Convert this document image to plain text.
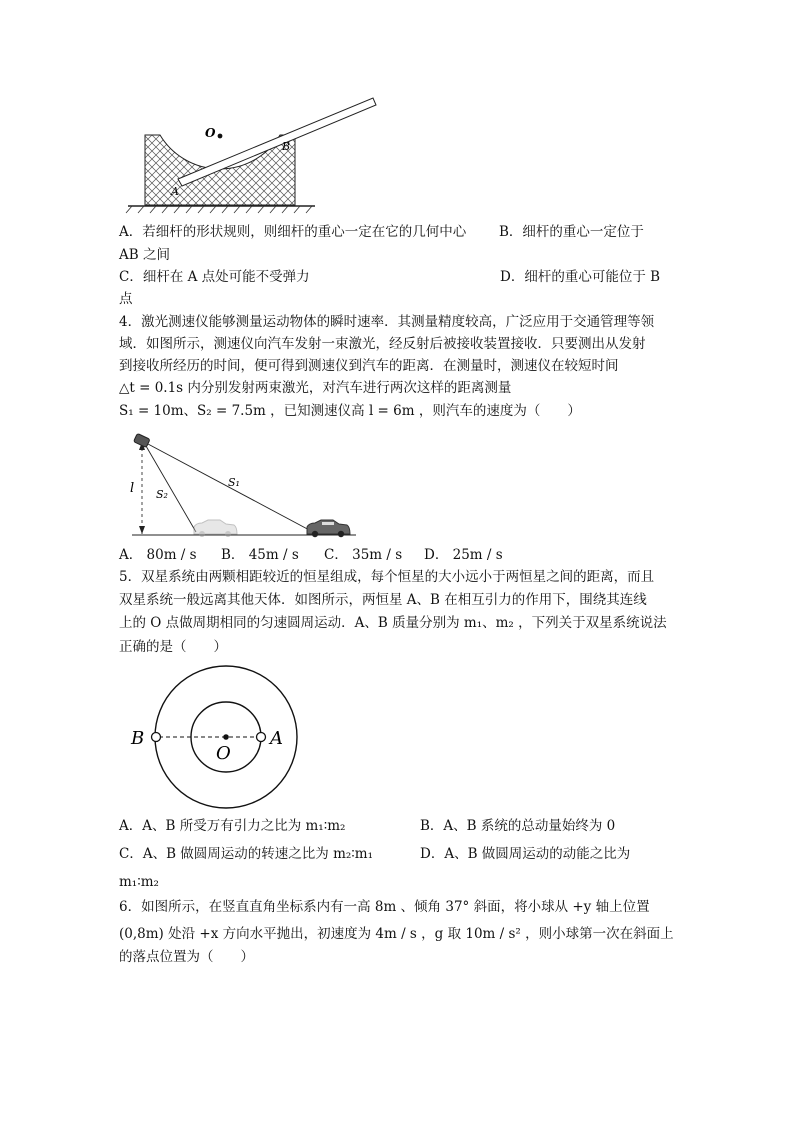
O
A
B
A．若细杆的形状规则，则细杆的重心一定在它的几何中心 B．细杆的重心一定位于
AB 之间
C．细杆在 A 点处可能不受弹力	D．细杆的重心可能位于 B
点
4．激光测速仪能够测量运动物体的瞬时速率．其测量精度较高，广泛应用于交通管理等领
域．如图所示，测速仪向汽车发射一束激光，经反射后被接收装置接收．只要测出从发射
到接收所经历的时间，便可得到测速仪到汽车的距离．在测量时，测速仪在较短时间
△t = 0.1s 内分别发射两束激光，对汽车进行两次这样的距离测量
S₁ = 10m、S₂ = 7.5m ，已知测速仪高 l = 6m ，则汽车的速度为（　　）
l S₂
S₁
A． 80m / s B． 45m / s C． 35m / s D． 25m / s
5．双星系统由两颗相距较近的恒星组成，每个恒星的大小远小于两恒星之间的距离，而且
双星系统一般远离其他天体．如图所示，两恒星 A、B 在相互引力的作用下，围绕其连线
上的 O 点做周期相同的匀速圆周运动．A、B 质量分别为 m₁、m₂ ，下列关于双星系统说法
正确的是（　　）
B
O
A
A．A、B 所受万有引力之比为 m₁∶m₂	B．A、B 系统的总动量始终为 0
C．A、B 做圆周运动的转速之比为 m₂∶m₁	D．A、B 做圆周运动的动能之比为
m₁∶m₂
6．如图所示，在竖直直角坐标系内有一高 8m 、倾角 37° 斜面，将小球从 +y 轴上位置
(0,8m) 处沿 +x 方向水平抛出，初速度为 4m / s ，g 取 10m / s² ，则小球第一次在斜面上
的落点位置为（　　）
